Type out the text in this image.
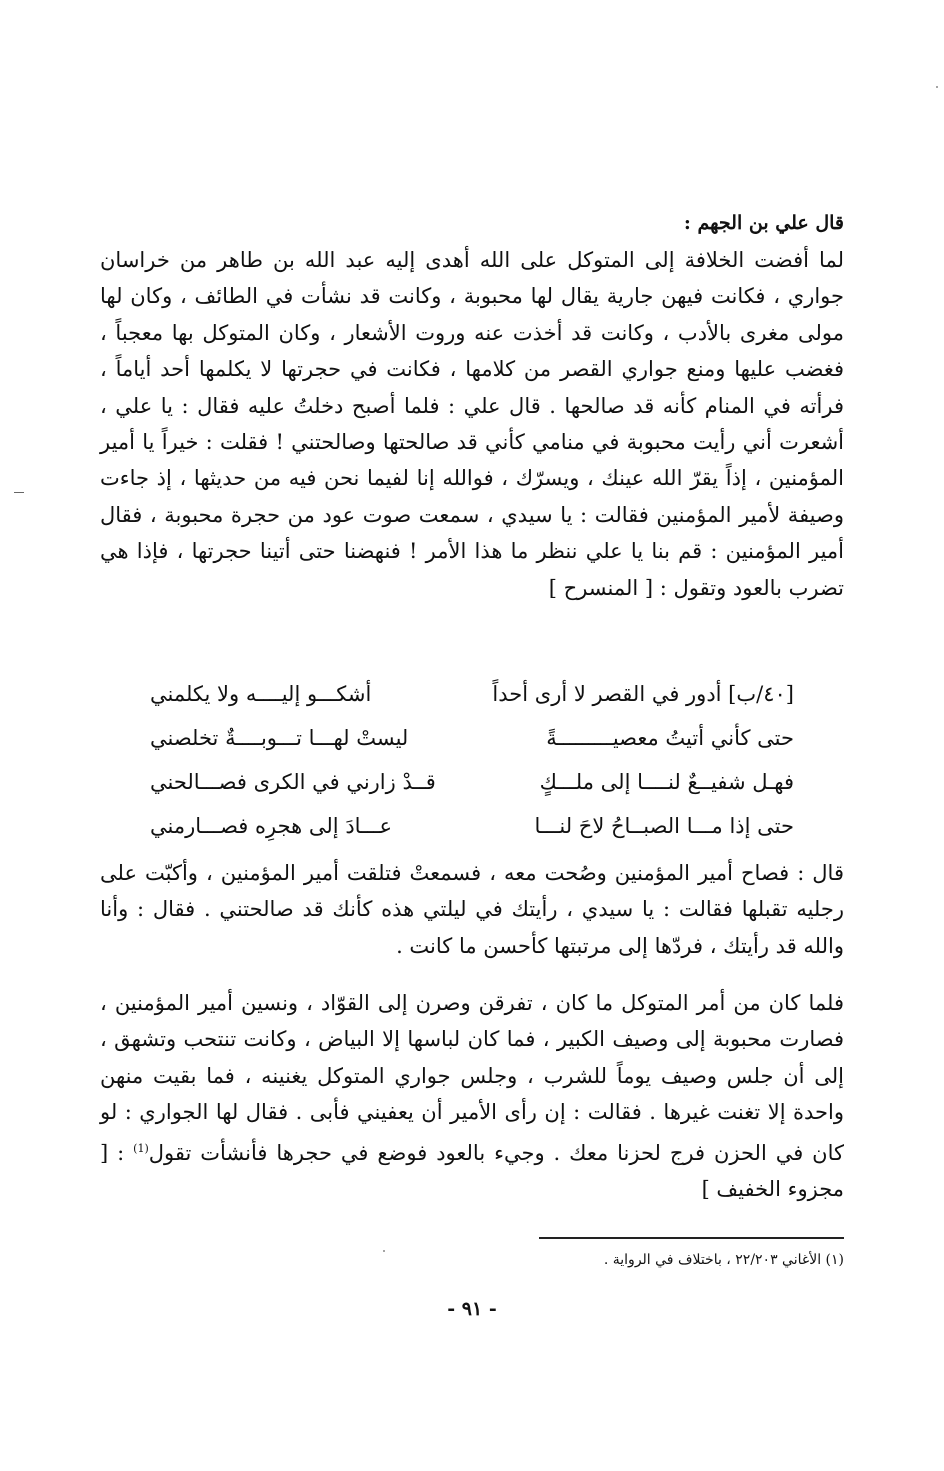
قال علي بن الجهم :

لما أفضت الخلافة إلى المتوكل على الله أهدى إليه عبد الله بن طاهر من خراسان جواري ، فكانت فيهن جارية يقال لها محبوبة ، وكانت قد نشأت في الطائف ، وكان لها مولى مغرى بالأدب ، وكانت قد أخذت عنه وروت الأشعار ، وكان المتوكل بها معجباً ، فغضب عليها ومنع جواري القصر من كلامها ، فكانت في حجرتها لا يكلمها أحد أياماً ، فرأته في المنام كأنه قد صالحها . قال علي : فلما أصبح دخلتُ عليه فقال : يا علي ، أشعرت أني رأيت محبوبة في منامي كأني قد صالحتها وصالحتني ! فقلت : خيراً يا أمير المؤمنين ، إذاً يقرّ الله عينك ، ويسرّك ، فوالله إنا لفيما نحن فيه من حديثها ، إذ جاءت وصيفة لأمير المؤمنين فقالت : يا سيدي ، سمعت صوت عود من حجرة محبوبة ، فقال أمير المؤمنين : قم بنا يا علي ننظر ما هذا الأمر ! فنهضنا حتى أتينا حجرتها ، فإذا هي تضرب بالعود وتقول : [ المنسرح ]

[٤٠/ب] أدور في القصر لا أرى أحداً
أشكـــو إليــــه ولا يكلمني
حتى كأني أتيتُ معصيـــــــــةً
ليستْ لهـــا تـــوبــــةٌ تخلصني
فهـل شفيــعٌ لنــــا إلى ملـــكٍ
قــدْ زارني في الكرى فصـــالحني
حتى إذا مـــا الصبــاحُ لاحَ لنـــا
عـــادَ إلى هجرِه فصـــارمني

قال : فصاح أمير المؤمنين وصُحت معه ، فسمعتْ فتلقت أمير المؤمنين ، وأكبّت على رجليه تقبلها فقالت : يا سيدي ، رأيتك في ليلتي هذه كأنك قد صالحتني . فقال : وأنا والله قد رأيتك ، فردّها إلى مرتبتها كأحسن ما كانت .

فلما كان من أمر المتوكل ما كان ، تفرقن وصرن إلى القوّاد ، ونسين أمير المؤمنين ، فصارت محبوبة إلى وصيف الكبير ، فما كان لباسها إلا البياض ، وكانت تنتحب وتشهق ، إلى أن جلس وصيف يوماً للشرب ، وجلس جواري المتوكل يغنينه ، فما بقيت منهن واحدة إلا تغنت غيرها . فقالت : إن رأى الأمير أن يعفيني فأبى . فقال لها الجواري : لو كان في الحزن فرج لحزنا معك . وجيء بالعود فوضع في حجرها فأنشأت تقول$^{(1)}$ : [ مجزوء الخفيف ]

(١) الأغاني ٢٢/٢٠٣ ، باختلاف في الرواية .
- ٩١ -
